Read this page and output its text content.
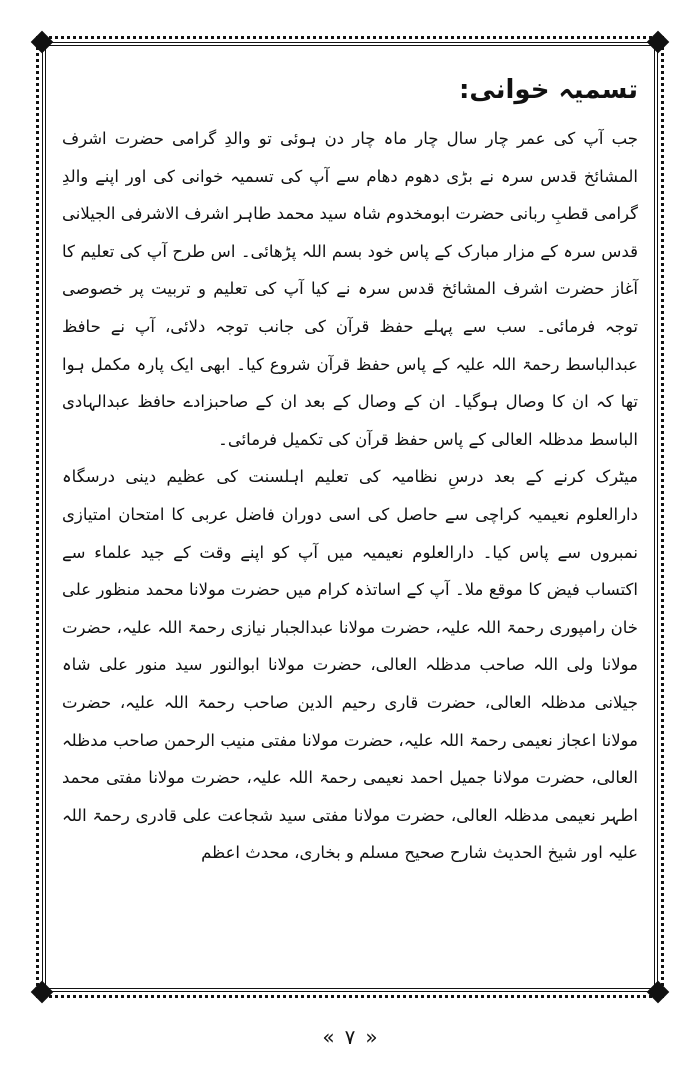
تسمیہ خوانی:

جب آپ کی عمر چار سال چار ماہ چار دن ہوئی تو والدِ گرامی حضرت اشرف المشائخ قدس سرہ نے بڑی دھوم دھام سے آپ کی تسمیہ خوانی کی اور اپنے والدِ گرامی قطبِ ربانی حضرت ابومخدوم شاہ سید محمد طاہر اشرف الاشرفی الجیلانی قدس سرہ کے مزار مبارک کے پاس خود بسم اللہ پڑھائی۔ اس طرح آپ کی تعلیم کا آغاز حضرت اشرف المشائخ قدس سرہ نے کیا آپ کی تعلیم و تربیت پر خصوصی توجہ فرمائی۔ سب سے پہلے حفظ قرآن کی جانب توجہ دلائی، آپ نے حافظ عبدالباسط رحمۃ اللہ علیہ کے پاس حفظ قرآن شروع کیا۔ ابھی ایک پارہ مکمل ہوا تھا کہ ان کا وصال ہوگیا۔ ان کے وصال کے بعد ان کے صاحبزادے حافظ عبدالہادی الباسط مدظلہ العالی کے پاس حفظ قرآن کی تکمیل فرمائی۔

میٹرک کرنے کے بعد درسِ نظامیہ کی تعلیم اہلسنت کی عظیم دینی درسگاہ دارالعلوم نعیمیہ کراچی سے حاصل کی اسی دوران فاضل عربی کا امتحان امتیازی نمبروں سے پاس کیا۔ دارالعلوم نعیمیہ میں آپ کو اپنے وقت کے جید علماء سے اکتساب فیض کا موقع ملا۔ آپ کے اساتذہ کرام میں حضرت مولانا محمد منظور علی خان رامپوری رحمۃ اللہ علیہ، حضرت مولانا عبدالجبار نیازی رحمۃ اللہ علیہ، حضرت مولانا ولی اللہ صاحب مدظلہ العالی، حضرت مولانا ابوالنور سید منور علی شاہ جیلانی مدظلہ العالی، حضرت قاری رحیم الدین صاحب رحمۃ اللہ علیہ، حضرت مولانا اعجاز نعیمی رحمۃ اللہ علیہ، حضرت مولانا مفتی منیب الرحمن صاحب مدظلہ العالی، حضرت مولانا جمیل احمد نعیمی رحمۃ اللہ علیہ، حضرت مولانا مفتی محمد اطہر نعیمی مدظلہ العالی، حضرت مولانا مفتی سید شجاعت علی قادری رحمۃ اللہ علیہ اور شیخ الحدیث شارح صحیح مسلم و بخاری، محدث اعظم

« ۷ »
